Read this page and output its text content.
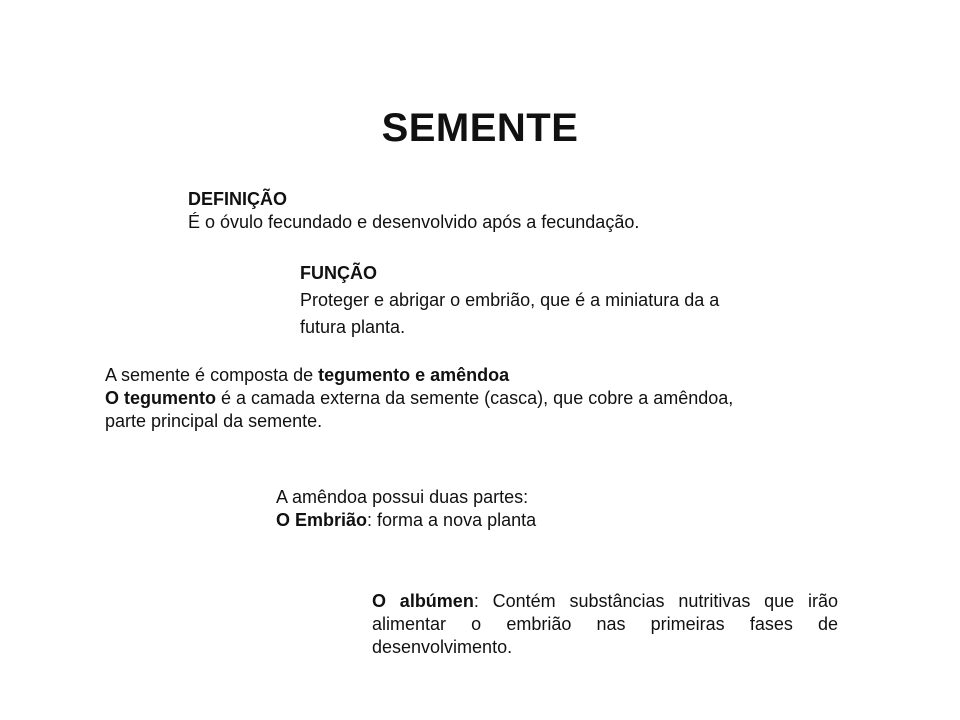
SEMENTE
DEFINIÇÃO
É o óvulo fecundado e desenvolvido após a fecundação.
FUNÇÃO
Proteger e abrigar o embrião, que é a miniatura da a
futura planta.
A semente é composta de tegumento e amêndoa
O tegumento é a camada externa da semente (casca), que cobre a amêndoa,
parte principal da semente.
A amêndoa possui duas partes:
O Embrião: forma a nova planta
O albúmen: Contém substâncias nutritivas que irão alimentar o embrião nas primeiras fases de desenvolvimento.
